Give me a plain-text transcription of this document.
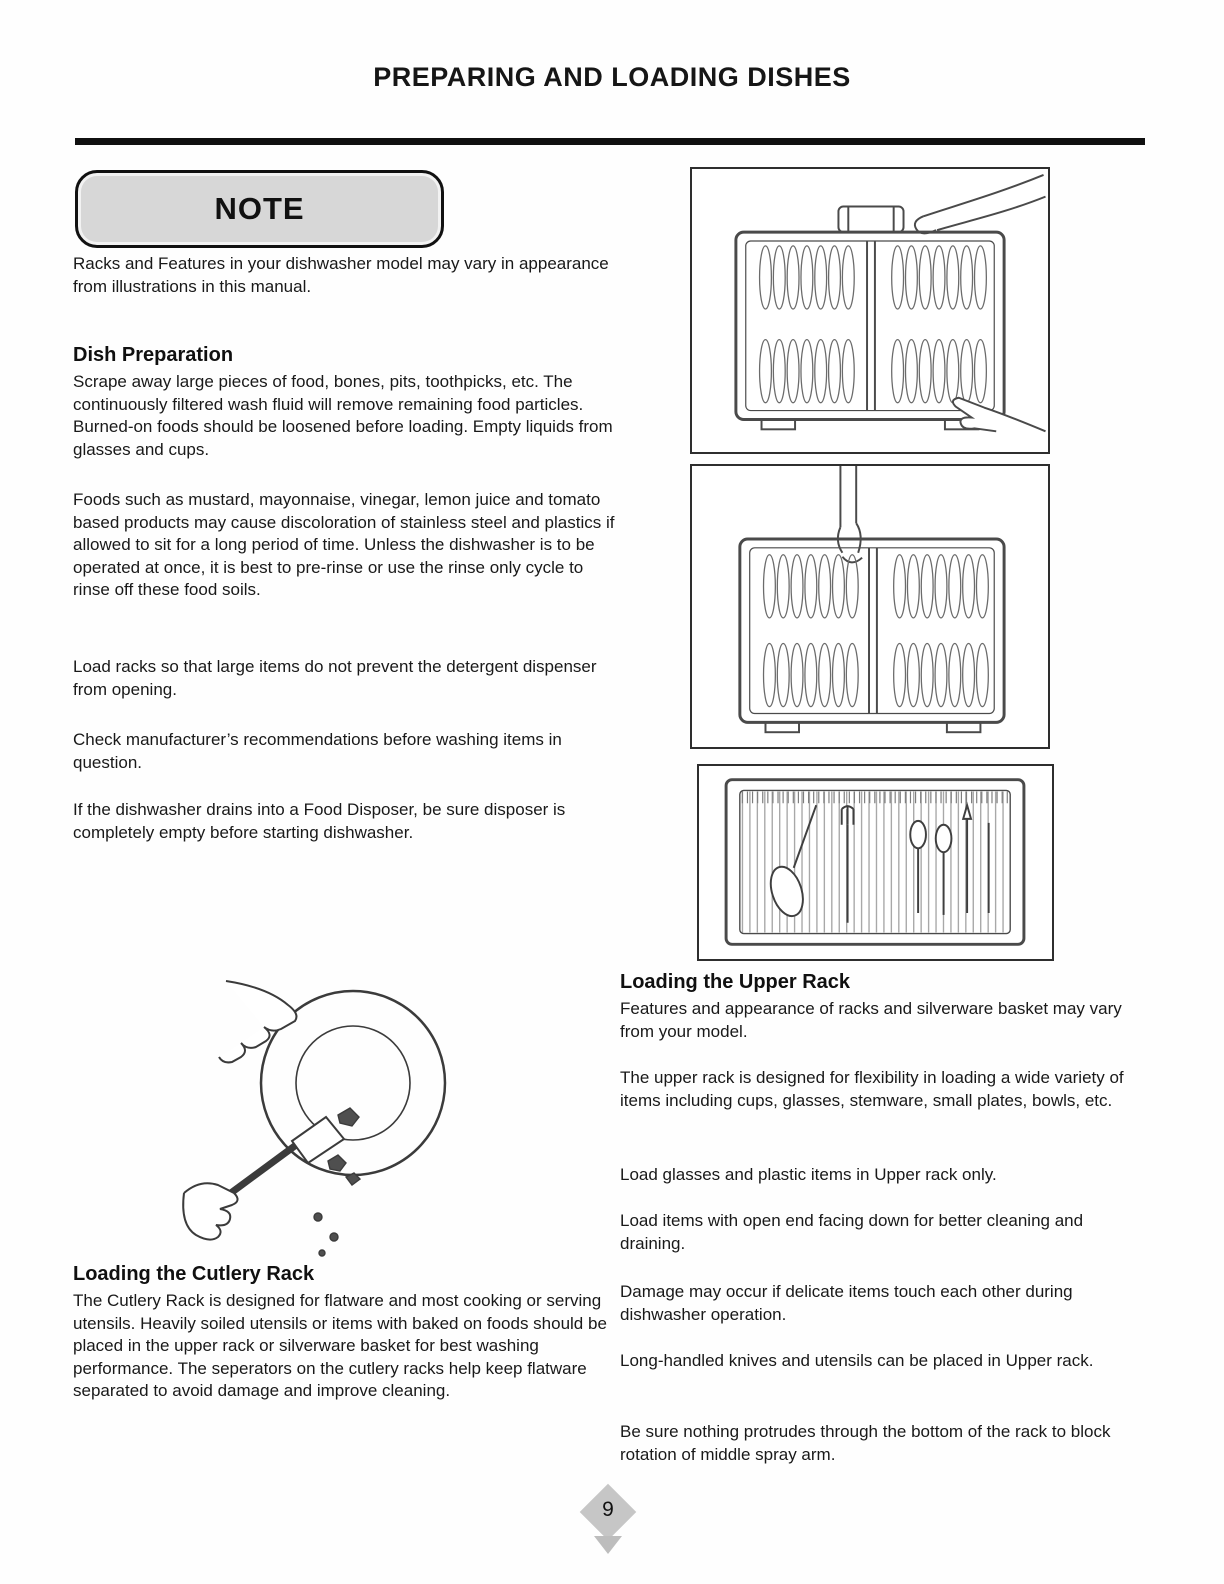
PREPARING AND LOADING DISHES
NOTE
Racks and Features in your dishwasher model may vary in appearance from illustrations in this manual.
Dish Preparation
Scrape away large pieces of food, bones, pits, toothpicks, etc. The continuously filtered wash fluid will remove remaining food particles. Burned-on foods should be loosened before loading. Empty liquids from glasses and cups.
Foods such as mustard, mayonnaise, vinegar, lemon juice and tomato based products may cause discoloration of stainless steel and plastics if allowed to sit for a long period of time. Unless the dishwasher is to be operated at once, it is best to pre-rinse or use the rinse only cycle to rinse off these food soils.
Load racks so that large items do not prevent the detergent dispenser from opening.
Check manufacturer’s recommendations before washing items in question.
If the dishwasher drains into a Food Disposer, be sure disposer is completely empty before starting dishwasher.
Loading the Cutlery Rack
The Cutlery Rack is designed for flatware and most cooking or serving utensils. Heavily soiled utensils or items with baked on foods should be placed in the upper rack or silverware basket for best washing performance. The seperators on the cutlery racks help keep flatware separated to avoid damage and improve cleaning.
Loading the Upper Rack
Features and appearance of racks and silverware basket may vary from your model.
The upper rack is designed for flexibility in loading a wide variety of items including cups, glasses, stemware, small plates, bowls, etc.
Load glasses and plastic items in Upper rack only.
Load items with open end facing down for better cleaning and draining.
Damage may occur if delicate items touch each other during dishwasher operation.
Long-handled knives and utensils can be placed in Upper rack.
Be sure nothing protrudes through the bottom of the rack to block rotation of middle spray arm.
9
